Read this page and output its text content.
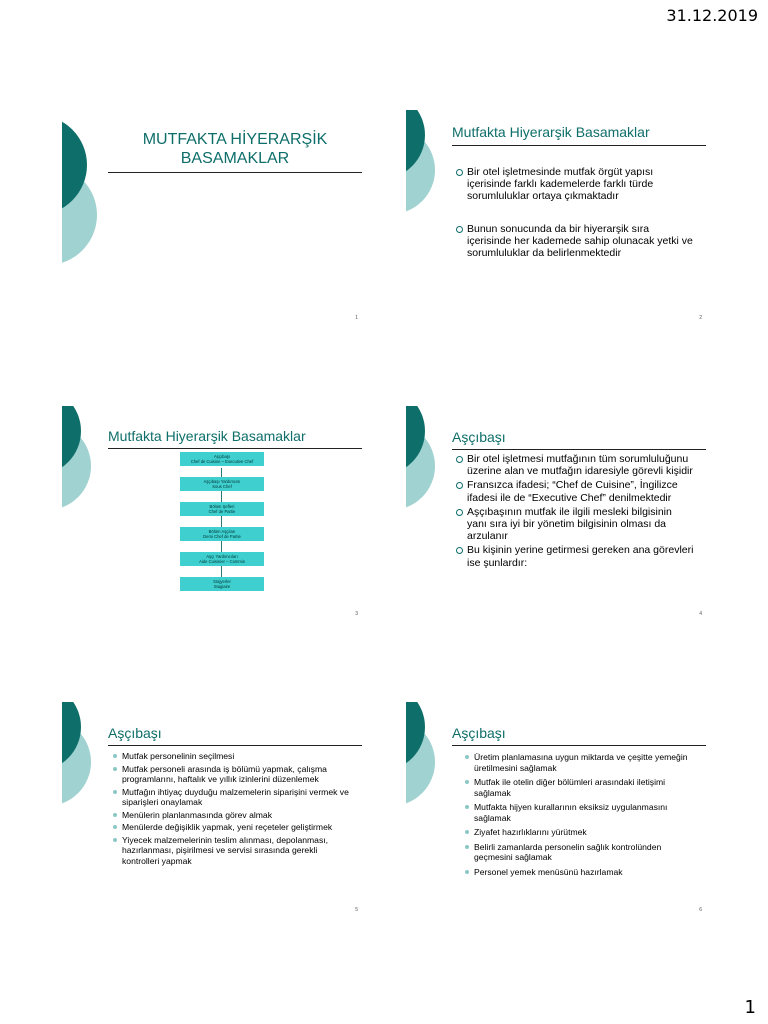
31.12.2019
MUTFAKTA HİYERARŞİK BASAMAKLAR
1
Mutfakta Hiyerarşik Basamaklar
Bir otel işletmesinde mutfak örgüt yapısı içerisinde farklı kademelerde farklı türde sorumluluklar ortaya çıkmaktadır
Bunun sonucunda da bir hiyerarşik sıra içerisinde her kademede sahip olunacak yetki ve sorumluluklar da belirlenmektedir
2
Mutfakta Hiyerarşik Basamaklar
Aşçıbaşı
Chef de Cuisine – Executive Chef
Aşçıbaşı Yardımcısı
Sous Chef
Bölüm Şefleri
Chef de Partie
Bölüm Aşçıları
Demi Chef de Partie
Aşçı Yardımcıları
Aide Cuisinier – Commis
Stajyerler
Stagiaire
3
Aşçıbaşı
Bir otel işletmesi mutfağının tüm sorumluluğunu üzerine alan ve mutfağın idaresiyle görevli kişidir
Fransızca ifadesi; “Chef de Cuisine”, İngilizce ifadesi ile de “Executive Chef” denilmektedir
Aşçıbaşının mutfak ile ilgili mesleki bilgisinin yanı sıra iyi bir yönetim bilgisinin olması da arzulanır
Bu kişinin yerine getirmesi gereken ana görevleri ise şunlardır:
4
Aşçıbaşı
Mutfak personelinin seçilmesi
Mutfak personeli arasında iş bölümü yapmak, çalışma programlarını, haftalık ve yıllık izinlerini düzenlemek
Mutfağın ihtiyaç duyduğu malzemelerin siparişini vermek ve siparişleri onaylamak
Menülerin planlanmasında görev almak
Menülerde değişiklik yapmak, yeni reçeteler geliştirmek
Yiyecek malzemelerinin teslim alınması, depolanması, hazırlanması, pişirilmesi ve servisi sırasında gerekli kontrolleri yapmak
5
Aşçıbaşı
Üretim planlamasına uygun miktarda ve çeşitte yemeğin üretilmesini sağlamak
Mutfak ile otelin diğer bölümleri arasındaki iletişimi sağlamak
Mutfakta hijyen kurallarının eksiksiz uygulanmasını sağlamak
Ziyafet hazırlıklarını yürütmek
Belirli zamanlarda personelin sağlık kontrolünden geçmesini sağlamak
Personel yemek menüsünü hazırlamak
6
1
